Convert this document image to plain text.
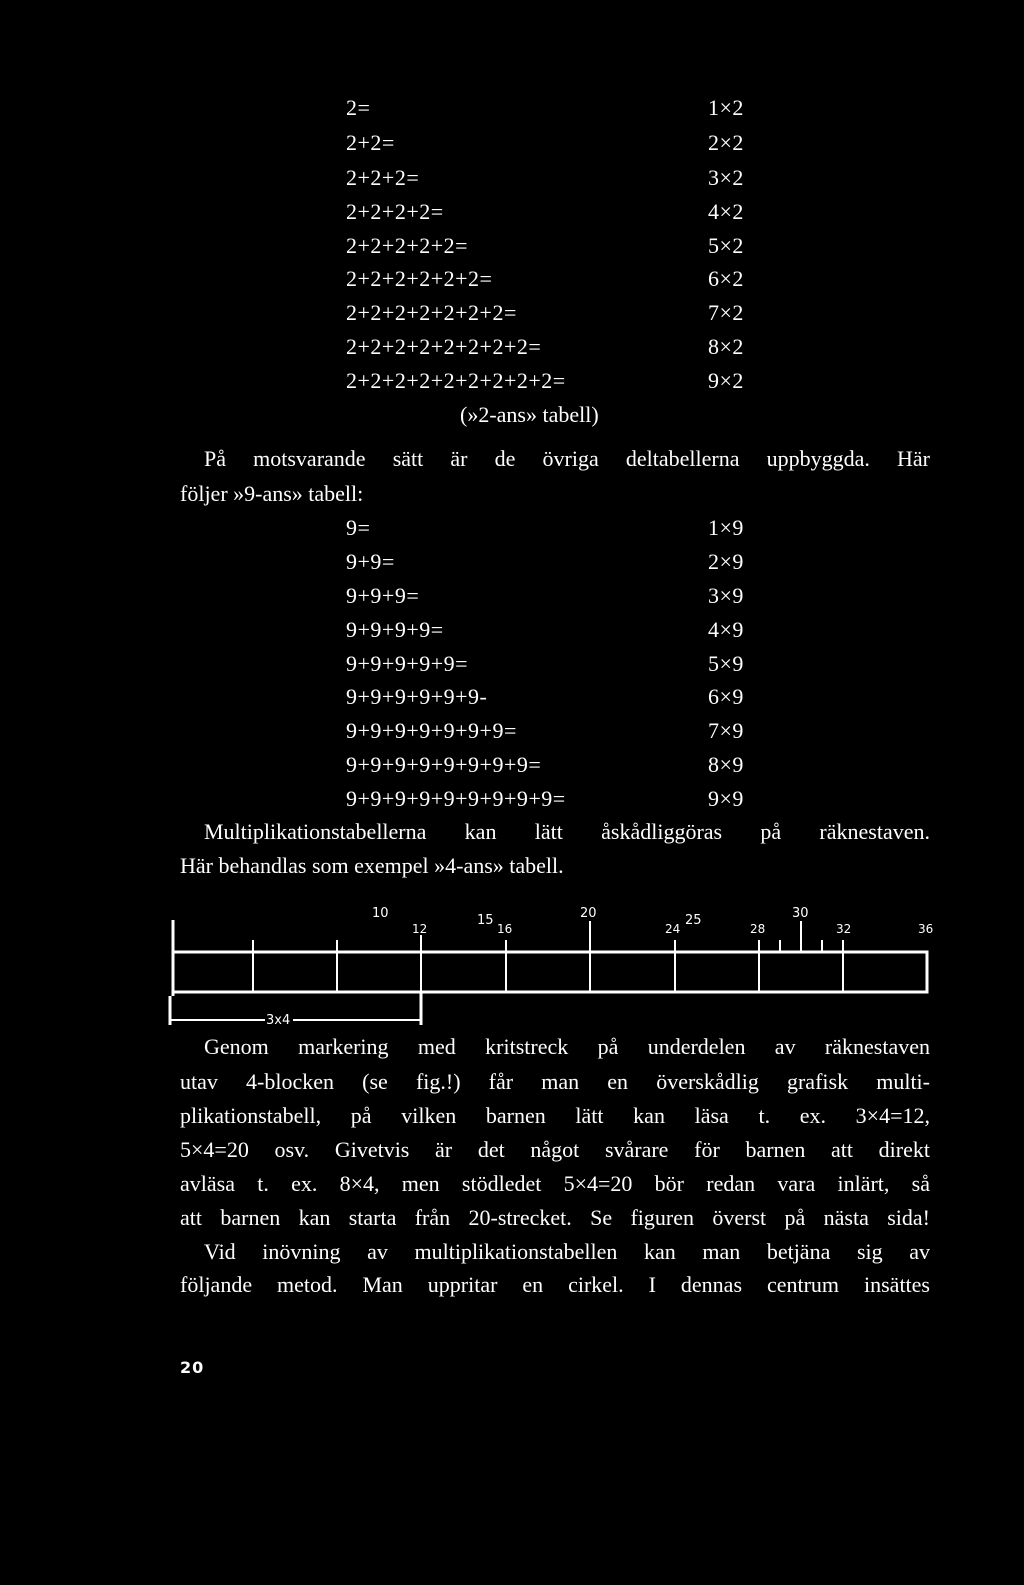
2=	1×2
2+2=	2×2
2+2+2=	3×2
2+2+2+2=	4×2
2+2+2+2+2=	5×2
2+2+2+2+2+2=	6×2
2+2+2+2+2+2+2=	7×2
2+2+2+2+2+2+2+2=	8×2
2+2+2+2+2+2+2+2+2=	9×2
(»2-ans» tabell)
På motsvarande sätt är de övriga deltabellerna uppbyggda. Här
följer »9-ans» tabell:
9=	1×9
9+9=	2×9
9+9+9=	3×9
9+9+9+9=	4×9
9+9+9+9+9=	5×9
9+9+9+9+9+9-	6×9
9+9+9+9+9+9+9=	7×9
9+9+9+9+9+9+9+9=	8×9
9+9+9+9+9+9+9+9+9=	9×9
Multiplikationstabellerna kan lätt åskådliggöras på räknestaven.
Här behandlas som exempel »4-ans» tabell.
10	15	20	25	30
12	16	24	28	32	36
3x4
Genom markering med kritstreck på underdelen av räknestaven
utav 4-blocken (se fig.!) får man en överskådlig grafisk multi-
plikationstabell, på vilken barnen lätt kan läsa t. ex. 3×4=12,
5×4=20 osv. Givetvis är det något svårare för barnen att direkt
avläsa t. ex. 8×4, men stödledet 5×4=20 bör redan vara inlärt, så
att barnen kan starta från 20-strecket. Se figuren överst på nästa sida!
Vid inövning av multiplikationstabellen kan man betjäna sig av
följande metod. Man uppritar en cirkel. I dennas centrum insättes
20
